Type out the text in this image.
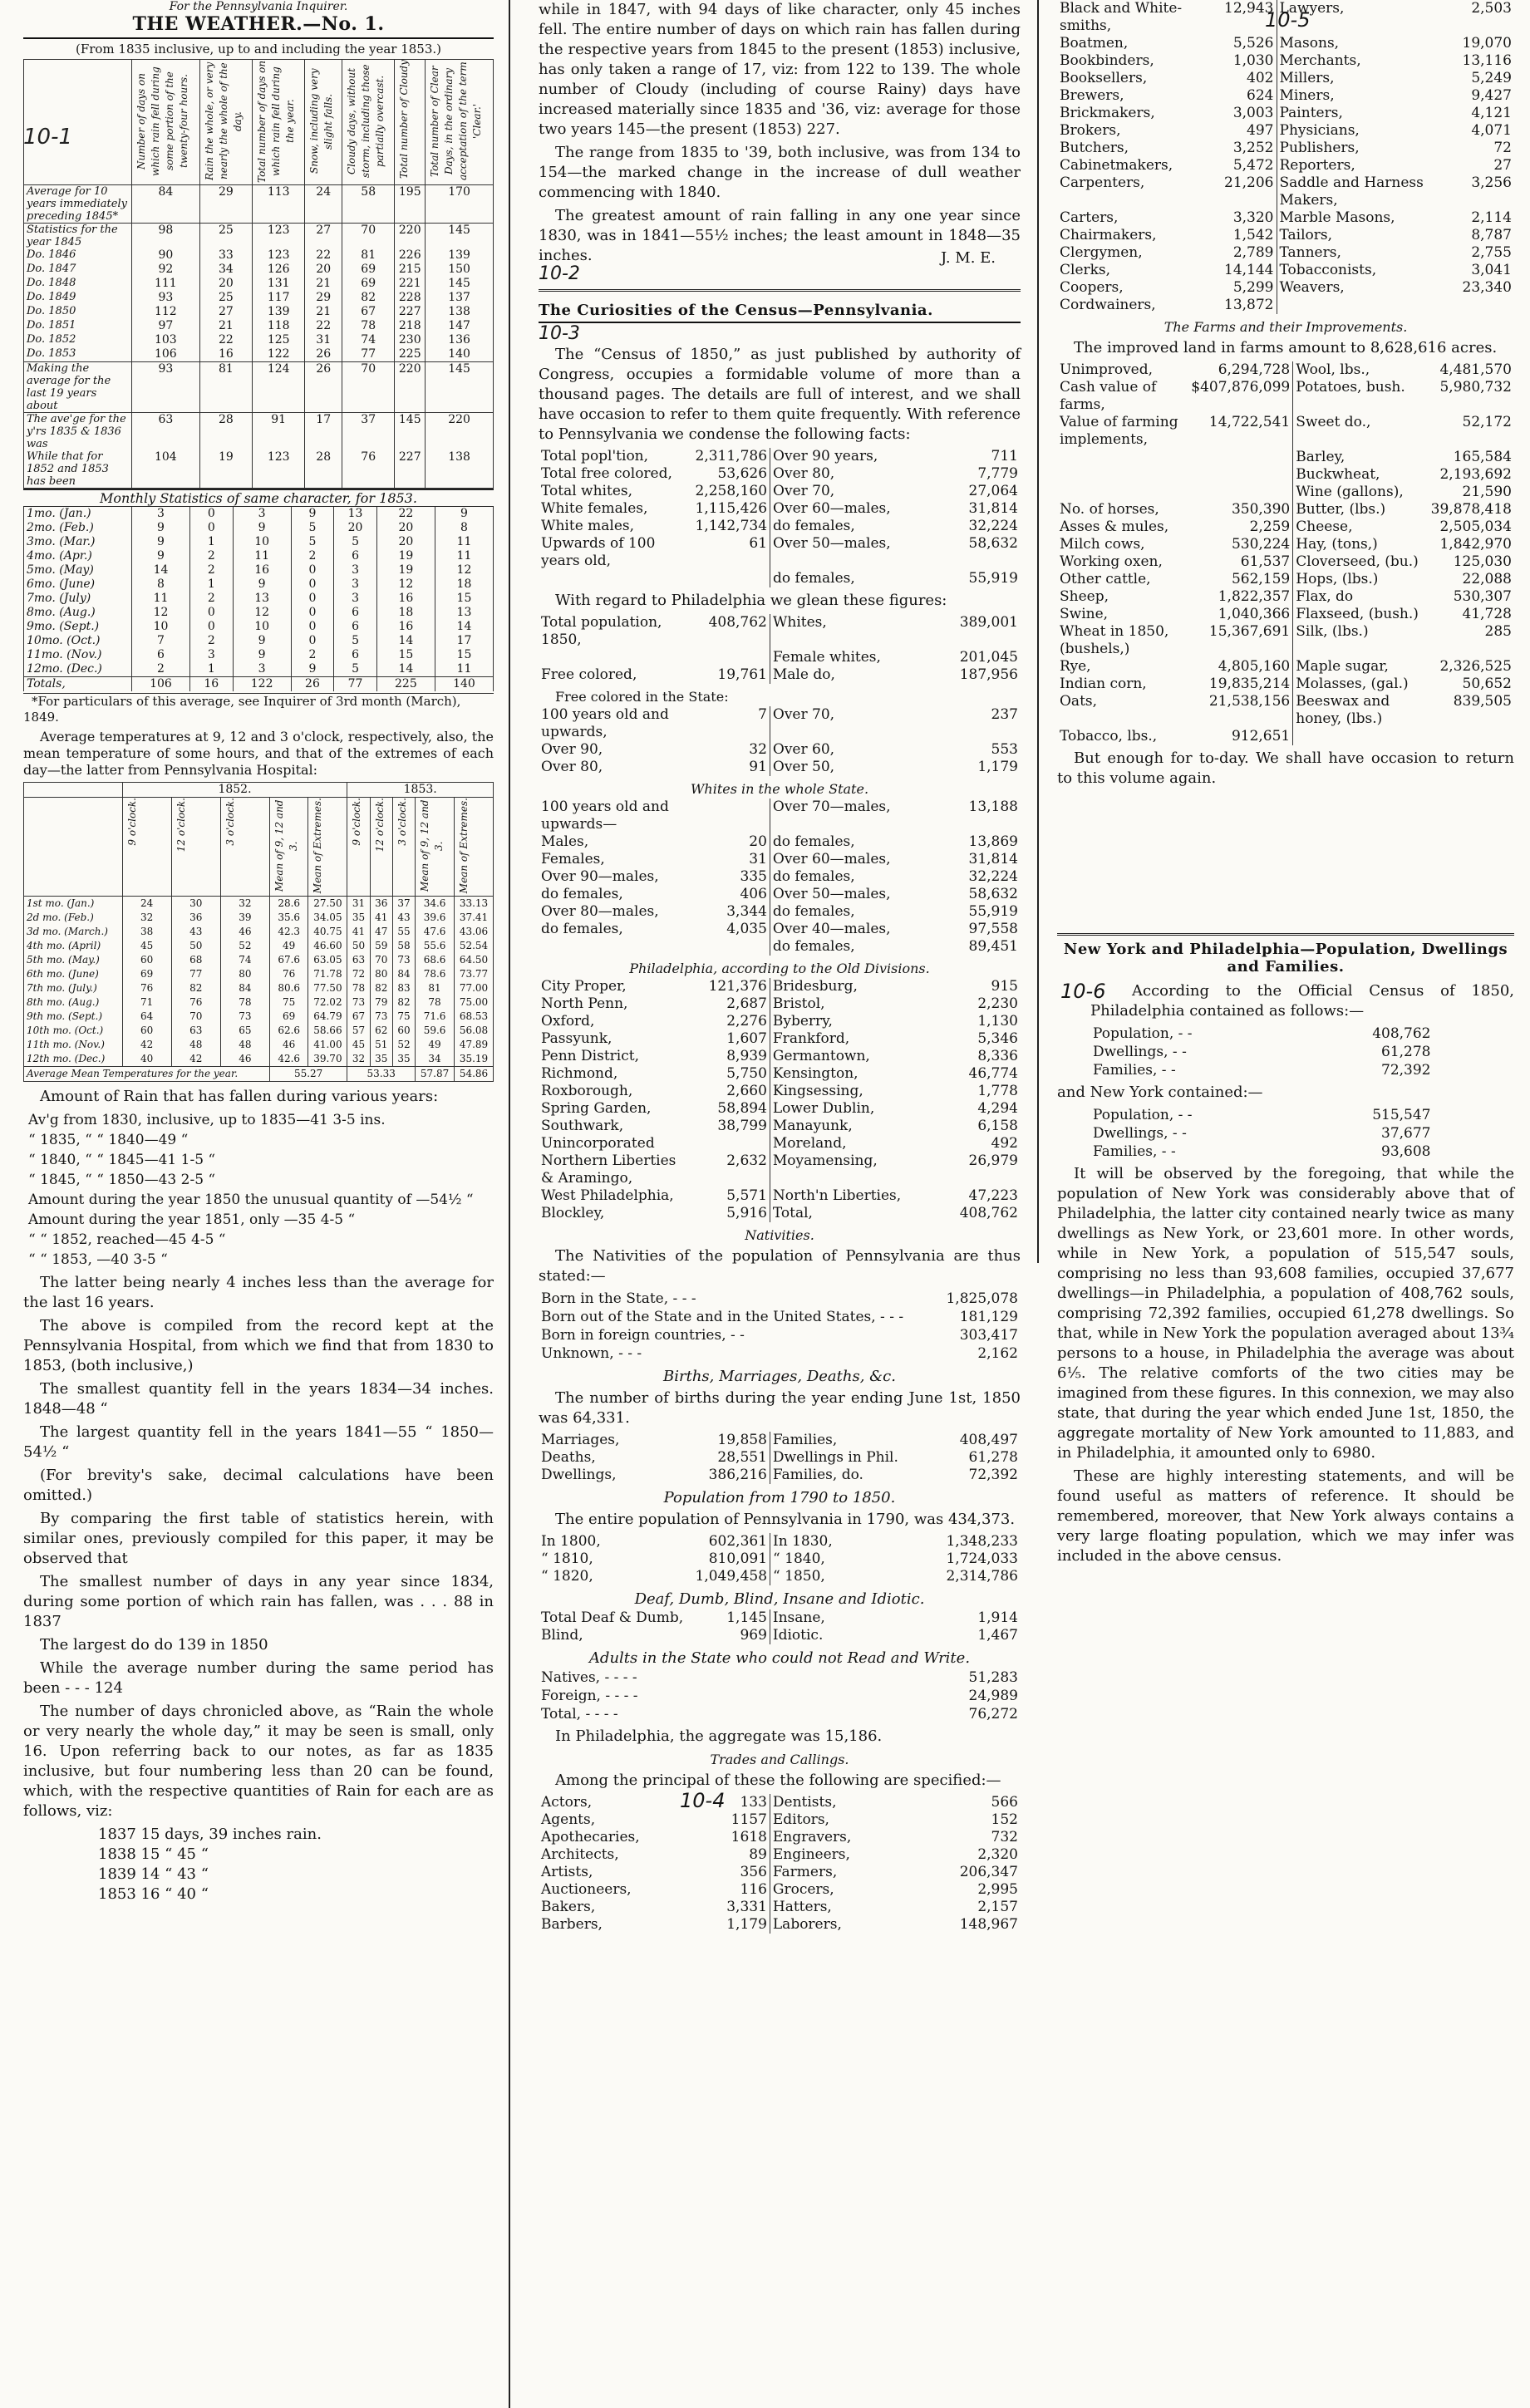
For the Pennsylvania Inquirer.
THE WEATHER.—No. 1.
(From 1835 inclusive, up to and including the year 1853.)

	Number of days on which rain fell during some portion of the twenty-four hours.	Rain the whole, or very nearly the whole of the day.	Total number of days on which rain fell during the year.	Snow, including very slight falls.	Cloudy days, without storm, including those partially overcast.	Total number of Cloudy	Total number of Clear Days, in the ordinary acceptation of the term 'Clear.'

Average for 10 years immediately preceding 1845*	84	29	113	24	58	195	170
Statistics for the year 1845	98	25	123	27	70	220	145
Do. 1846	90	33	123	22	81	226	139
Do. 1847	92	34	126	20	69	215	150
Do. 1848	111	20	131	21	69	221	145
Do. 1849	93	25	117	29	82	228	137
Do. 1850	112	27	139	21	67	227	138
Do. 1851	97	21	118	22	78	218	147
Do. 1852	103	22	125	31	74	230	136
Do. 1853	106	16	122	26	77	225	140
Making the average for the last 19 years about	93	81	124	26	70	220	145
The ave'ge for the y'rs 1835 & 1836 was	63	28	91	17	37	145	220
While that for 1852 and 1853 has been	104	19	123	28	76	227	138
10-1
Monthly Statistics of same character, for 1853.
1mo. (Jan.)	3	0	3	9	13	22	9
2mo. (Feb.)	9	0	9	5	20	20	8
3mo. (Mar.)	9	1	10	5	5	20	11
4mo. (Apr.)	9	2	11	2	6	19	11
5mo. (May)	14	2	16	0	3	19	12
6mo. (June)	8	1	9	0	3	12	18
7mo. (July)	11	2	13	0	3	16	15
8mo. (Aug.)	12	0	12	0	6	18	13
9mo. (Sept.)	10	0	10	0	6	16	14
10mo. (Oct.)	7	2	9	0	5	14	17
11mo. (Nov.)	6	3	9	2	6	15	15
12mo. (Dec.)	2	1	3	9	5	14	11
Totals,	106	16	122	26	77	225	140
*For particulars of this average, see Inquirer of 3rd month (March), 1849.
Average temperatures at 9, 12 and 3 o'clock, respectively, also, the mean temperature of some hours, and that of the extremes of each day—the latter from Pennsylvania Hospital:
	1852.					1853.				

	9 o'clock.	12 o'clock.	3 o'clock.	Mean of 9, 12 and 3.	Mean of Extremes.	9 o'clock.	12 o'clock.	3 o'clock.	Mean of 9, 12 and 3.	Mean of Extremes.

1st mo. (Jan.)	24	30	32	28.6	27.50	31	36	37	34.6	33.13
2d mo. (Feb.)	32	36	39	35.6	34.05	35	41	43	39.6	37.41
3d mo. (March.)	38	43	46	42.3	40.75	41	47	55	47.6	43.06
4th mo. (April)	45	50	52	49	46.60	50	59	58	55.6	52.54
5th mo. (May.)	60	68	74	67.6	63.05	63	70	73	68.6	64.50
6th mo. (June)	69	77	80	76	71.78	72	80	84	78.6	73.77
7th mo. (July.)	76	82	84	80.6	77.50	78	82	83	81	77.00
8th mo. (Aug.)	71	76	78	75	72.02	73	79	82	78	75.00
9th mo. (Sept.)	64	70	73	69	64.79	67	73	75	71.6	68.53
10th mo. (Oct.)	60	63	65	62.6	58.66	57	62	60	59.6	56.08
11th mo. (Nov.)	42	48	48	46	41.00	45	51	52	49	47.89
12th mo. (Dec.)	40	42	46	42.6	39.70	32	35	35	34	35.19
Average Mean Temperatures for the year.				55.27		53.33			57.87	54.86
Amount of Rain that has fallen during various years:
Av'g from 1830, inclusive, up to 1835—41 3-5 ins.
“ 1835, “ “ 1840—49 “
“ 1840, “ “ 1845—41 1-5 “
“ 1845, “ “ 1850—43 2-5 “
Amount during the year 1850 the unusual quantity of —54½ “
Amount during the year 1851, only —35 4-5 “
“ “ 1852, reached—45 4-5 “
“ “ 1853, —40 3-5 “
The latter being nearly 4 inches less than the average for the last 16 years.
The above is compiled from the record kept at the Pennsylvania Hospital, from which we find that from 1830 to 1853, (both inclusive,)
The smallest quantity fell in the years 1834—34 inches. 1848—48 “
The largest quantity fell in the years 1841—55 “ 1850—54½ “
(For brevity's sake, decimal calculations have been omitted.)
By comparing the first table of statistics herein, with similar ones, previously compiled for this paper, it may be observed that
The smallest number of days in any year since 1834, during some portion of which rain has fallen, was . . . 88 in 1837
The largest do do 139 in 1850
While the average number during the same period has been - - - 124
The number of days chronicled above, as “Rain the whole or very nearly the whole day,” it may be seen is small, only 16. Upon referring back to our notes, as far as 1835 inclusive, but four numbering less than 20 can be found, which, with the respective quantities of Rain for each are as follows, viz:
1837 15 days, 39 inches rain.
1838 15 “ 45 “
1839 14 “ 43 “
1853 16 “ 40 “
while in 1847, with 94 days of like character, only 45 inches fell. The entire number of days on which rain has fallen during the respective years from 1845 to the present (1853) inclusive, has only taken a range of 17, viz: from 122 to 139. The whole number of Cloudy (including of course Rainy) days have increased materially since 1835 and '36, viz: average for those two years 145—the present (1853) 227.
The range from 1835 to '39, both inclusive, was from 134 to 154—the marked change in the increase of dull weather commencing with 1840.
The greatest amount of rain falling in any one year since 1830, was in 1841—55½ inches; the least amount in 1848—35 inches.	J. M. E.
10-2
The Curiosities of the Census—Pennsylvania.
10-3
The “Census of 1850,” as just published by authority of Congress, occupies a formidable volume of more than a thousand pages. The details are full of interest, and we shall have occasion to refer to them quite frequently. With reference to Pennsylvania we condense the following facts:
Total popl'tion,	2,311,786	Over 90 years,	711
Total free colored,	53,626	Over 80,	7,779
Total whites,	2,258,160	Over 70,	27,064
White females,	1,115,426	Over 60—males,	31,814
White males,	1,142,734	do females,	32,224
Upwards of 100 years old,	61	Over 50—males,	58,632
		do females,	55,919
With regard to Philadelphia we glean these figures:
Total population, 1850,	408,762	Whites,	389,001
		Female whites,	201,045
Free colored,	19,761	Male do,	187,956
Free colored in the State:
100 years old and upwards,	7	Over 70,	237
Over 90,	32	Over 60,	553
Over 80,	91	Over 50,	1,179
Whites in the whole State.
100 years old and upwards—		Over 70—males,	13,188
Males,	20	do females,	13,869
Females,	31	Over 60—males,	31,814
Over 90—males,	335	do females,	32,224
do females,	406	Over 50—males,	58,632
Over 80—males,	3,344	do females,	55,919
do females,	4,035	Over 40—males,	97,558
		do females,	89,451
Philadelphia, according to the Old Divisions.
City Proper,	121,376	Bridesburg,	915
North Penn,	2,687	Bristol,	2,230
Oxford,	2,276	Byberry,	1,130
Passyunk,	1,607	Frankford,	5,346
Penn District,	8,939	Germantown,	8,336
Richmond,	5,750	Kensington,	46,774
Roxborough,	2,660	Kingsessing,	1,778
Spring Garden,	58,894	Lower Dublin,	4,294
Southwark,	38,799	Manayunk,	6,158
Unincorporated		Moreland,	492
Northern Liberties & Aramingo,	2,632	Moyamensing,	26,979
West Philadelphia,	5,571	North'n Liberties,	47,223
Blockley,	5,916	Total,	408,762
Nativities.
The Nativities of the population of Pennsylvania are thus stated:—
Born in the State, - - -	1,825,078
Born out of the State and in the United States, - - -	181,129
Born in foreign countries, - -	303,417
Unknown, - - -	2,162
Births, Marriages, Deaths, &c.
The number of births during the year ending June 1st, 1850 was 64,331.
Marriages,	19,858	Families,	408,497
Deaths,	28,551	Dwellings in Phil.	61,278
Dwellings,	386,216	Families, do.	72,392
Population from 1790 to 1850.
The entire population of Pennsylvania in 1790, was 434,373.
In 1800,	602,361	In 1830,	1,348,233
“ 1810,	810,091	“ 1840,	1,724,033
“ 1820,	1,049,458	“ 1850,	2,314,786
Deaf, Dumb, Blind, Insane and Idiotic.
Total Deaf & Dumb,	1,145	Insane,	1,914
Blind,	969	Idiotic.	1,467
Adults in the State who could not Read and Write.
Natives, - - - -	51,283
Foreign, - - - -	24,989
Total, - - - -	76,272
In Philadelphia, the aggregate was 15,186.
Trades and Callings.
Among the principal of these the following are specified:—
10-4
Actors,	133	Dentists,	566
Agents,	1157	Editors,	152
Apothecaries,	1618	Engravers,	732
Architects,	89	Engineers,	2,320
Artists,	356	Farmers,	206,347
Auctioneers,	116	Grocers,	2,995
Bakers,	3,331	Hatters,	2,157
Barbers,	1,179	Laborers,	148,967
10-5
Black and White-smiths,	12,943	Lawyers,	2,503
Boatmen,	5,526	Masons,	19,070
Bookbinders,	1,030	Merchants,	13,116
Booksellers,	402	Millers,	5,249
Brewers,	624	Miners,	9,427
Brickmakers,	3,003	Painters,	4,121
Brokers,	497	Physicians,	4,071
Butchers,	3,252	Publishers,	72
Cabinetmakers,	5,472	Reporters,	27
Carpenters,	21,206	Saddle and Harness Makers,	3,256
Carters,	3,320	Marble Masons,	2,114
Chairmakers,	1,542	Tailors,	8,787
Clergymen,	2,789	Tanners,	2,755
Clerks,	14,144	Tobacconists,	3,041
Coopers,	5,299	Weavers,	23,340
Cordwainers,	13,872		
The Farms and their Improvements.
The improved land in farms amount to 8,628,616 acres.
Unimproved,	6,294,728	Wool, lbs.,	4,481,570
Cash value of farms,	$407,876,099	Potatoes, bush.	5,980,732
Value of farming implements,	14,722,541	Sweet do.,	52,172
		Barley,	165,584
		Buckwheat,	2,193,692
		Wine (gallons),	21,590
No. of horses,	350,390	Butter, (lbs.)	39,878,418
Asses & mules,	2,259	Cheese,	2,505,034
Milch cows,	530,224	Hay, (tons,)	1,842,970
Working oxen,	61,537	Cloverseed, (bu.)	125,030
Other cattle,	562,159	Hops, (lbs.)	22,088
Sheep,	1,822,357	Flax, do	530,307
Swine,	1,040,366	Flaxseed, (bush.)	41,728
Wheat in 1850, (bushels,)	15,367,691	Silk, (lbs.)	285
Rye,	4,805,160	Maple sugar,	2,326,525
Indian corn,	19,835,214	Molasses, (gal.)	50,652
Oats,	21,538,156	Beeswax and honey, (lbs.)	839,505
Tobacco, lbs.,	912,651		
But enough for to-day. We shall have occasion to return to this volume again.
New York and Philadelphia—Population, Dwellings and Families.
10-6	According to the Official Census of 1850, Philadelphia contained as follows:—
Population, - -	408,762
Dwellings, - -	61,278
Families, - -	72,392
and New York contained:—
Population, - -	515,547
Dwellings, - -	37,677
Families, - -	93,608
It will be observed by the foregoing, that while the population of New York was considerably above that of Philadelphia, the latter city contained nearly twice as many dwellings as New York, or 23,601 more. In other words, while in New York, a population of 515,547 souls, comprising no less than 93,608 families, occupied 37,677 dwellings—in Philadelphia, a population of 408,762 souls, comprising 72,392 families, occupied 61,278 dwellings. So that, while in New York the population averaged about 13¾ persons to a house, in Philadelphia the average was about 6⅕. The relative comforts of the two cities may be imagined from these figures. In this connexion, we may also state, that during the year which ended June 1st, 1850, the aggregate mortality of New York amounted to 11,883, and in Philadelphia, it amounted only to 6980.
These are highly interesting statements, and will be found useful as matters of reference. It should be remembered, moreover, that New York always contains a very large floating population, which we may infer was included in the above census.
